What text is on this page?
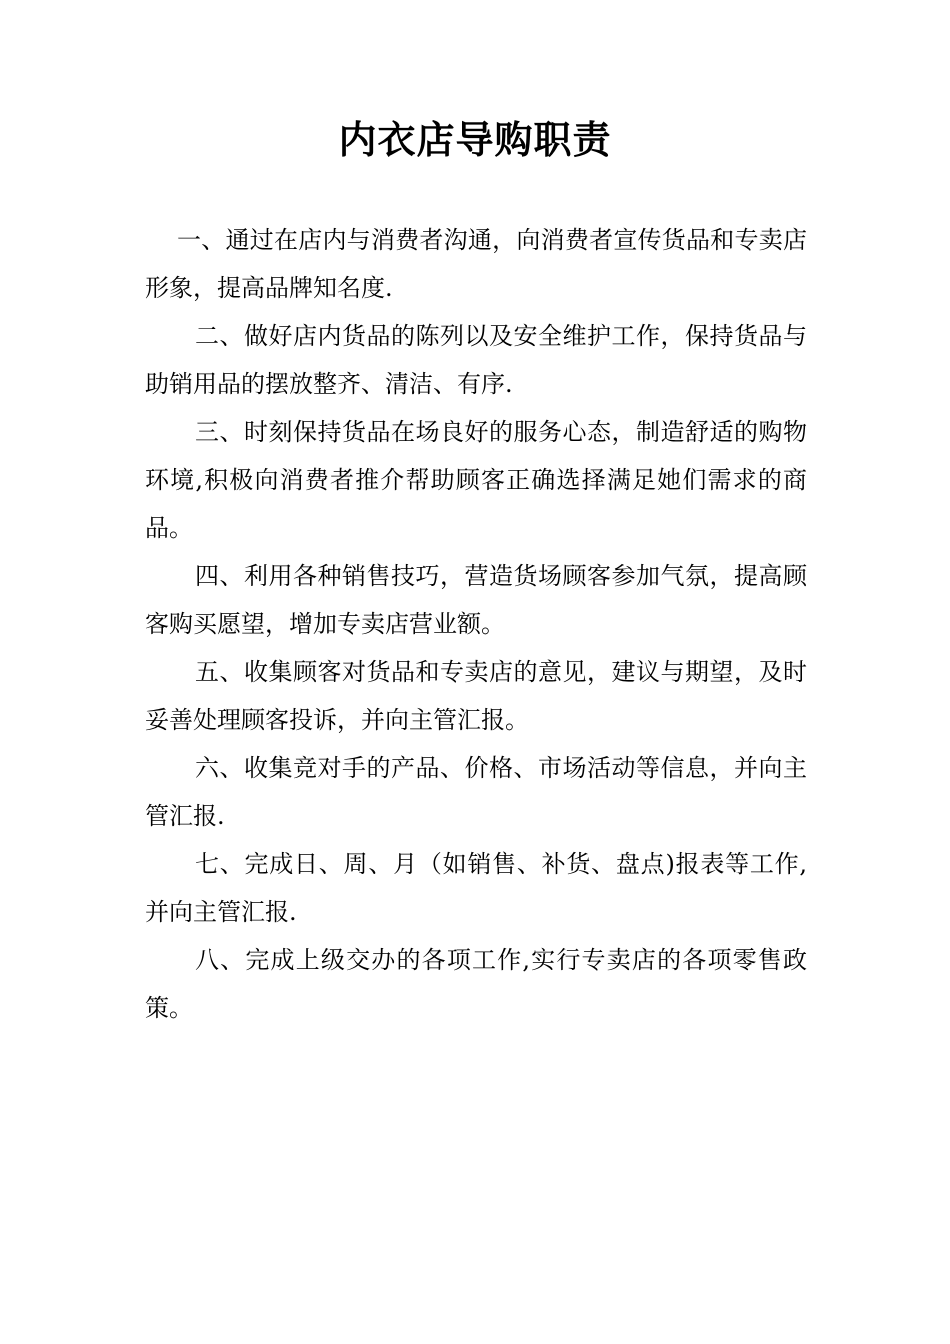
内衣店导购职责

一、通过在店内与消费者沟通，向消费者宣传货品和专卖店形象，提高品牌知名度.

二、做好店内货品的陈列以及安全维护工作，保持货品与助销用品的摆放整齐、清洁、有序.

三、时刻保持货品在场良好的服务心态，制造舒适的购物环境,积极向消费者推介帮助顾客正确选择满足她们需求的商品。

四、利用各种销售技巧，营造货场顾客参加气氛，提高顾客购买愿望，增加专卖店营业额。

五、收集顾客对货品和专卖店的意见，建议与期望，及时妥善处理顾客投诉，并向主管汇报。

六、收集竞对手的产品、价格、市场活动等信息，并向主管汇报.

七、完成日、周、月（如销售、补货、盘点)报表等工作,并向主管汇报.

八、完成上级交办的各项工作,实行专卖店的各项零售政策。
